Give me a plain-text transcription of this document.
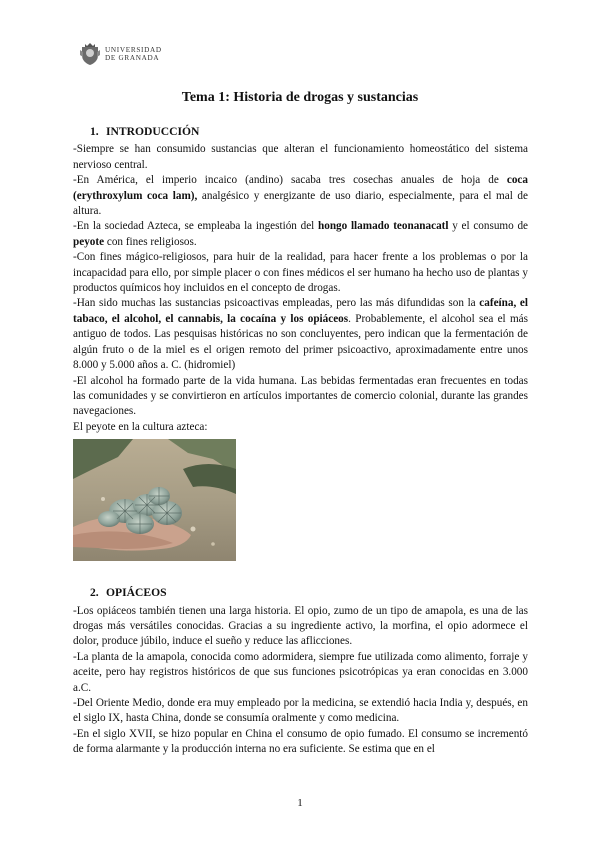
UNIVERSIDAD
DE GRANADA
Tema 1: Historia de drogas y sustancias

1. INTRODUCCIÓN

-Siempre se han consumido sustancias que alteran el funcionamiento homeostático del sistema nervioso central.

-En América, el imperio incaico (andino) sacaba tres cosechas anuales de hoja de coca (erythroxylum coca lam), analgésico y energizante de uso diario, especialmente, para el mal de altura.

-En la sociedad Azteca, se empleaba la ingestión del hongo llamado teonanacatl y el consumo de peyote con fines religiosos.

-Con fines mágico-religiosos, para huir de la realidad, para hacer frente a los problemas o por la incapacidad para ello, por simple placer o con fines médicos el ser humano ha hecho uso de plantas y productos químicos hoy incluidos en el concepto de drogas.

-Han sido muchas las sustancias psicoactivas empleadas, pero las más difundidas son la cafeína, el tabaco, el alcohol, el cannabis, la cocaína y los opiáceos. Probablemente, el alcohol sea el más antiguo de todos. Las pesquisas históricas no son concluyentes, pero indican que la fermentación de algún fruto o de la miel es el origen remoto del primer psicoactivo, aproximadamente entre unos 8.000 y 5.000 años a. C. (hidromiel)

-El alcohol ha formado parte de la vida humana. Las bebidas fermentadas eran frecuentes en todas las comunidades y se convirtieron en artículos importantes de comercio colonial, durante las grandes navegaciones.

El peyote en la cultura azteca:

2. OPIÁCEOS

-Los opiáceos también tienen una larga historia. El opio, zumo de un tipo de amapola, es una de las drogas más versátiles conocidas. Gracias a su ingrediente activo, la morfina, el opio adormece el dolor, produce júbilo, induce el sueño y reduce las aflicciones.

-La planta de la amapola, conocida como adormidera, siempre fue utilizada como alimento, forraje y aceite, pero hay registros históricos de que sus funciones psicotrópicas ya eran conocidas en 3.000 a.C.

-Del Oriente Medio, donde era muy empleado por la medicina, se extendió hacia India y, después, en el siglo IX, hasta China, donde se consumía oralmente y como medicina.

-En el siglo XVII, se hizo popular en China el consumo de opio fumado. El consumo se incrementó de forma alarmante y la producción interna no era suficiente. Se estima que en el

1
